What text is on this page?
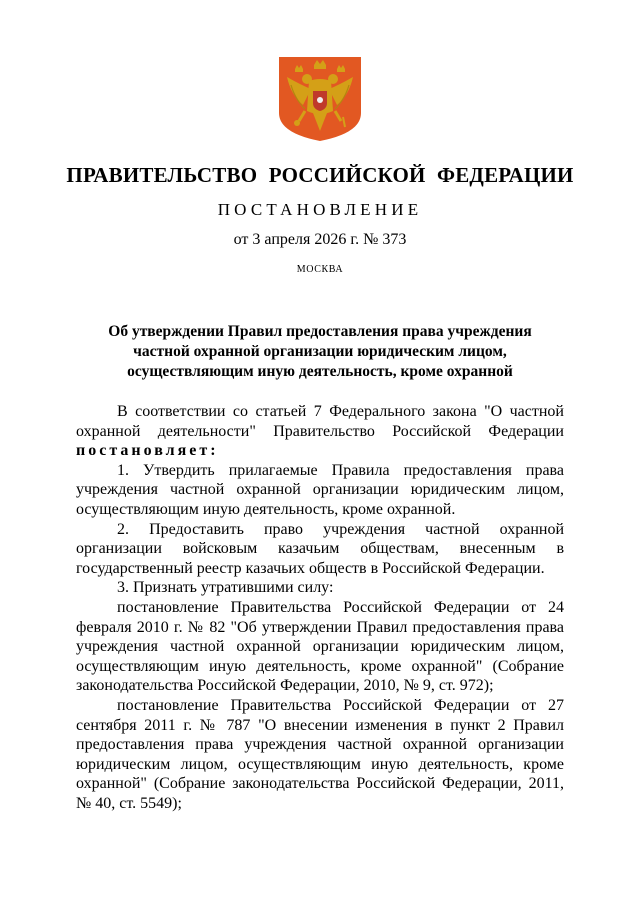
ПРАВИТЕЛЬСТВО РОССИЙСКОЙ ФЕДЕРАЦИИ
ПОСТАНОВЛЕНИЕ
от 3 апреля 2026 г. № 373
МОСКВА
Об утверждении Правил предоставления права учреждения частной охранной организации юридическим лицом, осуществляющим иную деятельность, кроме охранной

В соответствии со статьей 7 Федерального закона "О частной охранной деятельности" Правительство Российской Федерации постановляет:

1. Утвердить прилагаемые Правила предоставления права учреждения частной охранной организации юридическим лицом, осуществляющим иную деятельность, кроме охранной.

2. Предоставить право учреждения частной охранной организации войсковым казачьим обществам, внесенным в государственный реестр казачьих обществ в Российской Федерации.

3. Признать утратившими силу:

постановление Правительства Российской Федерации от 24 февраля 2010 г. № 82 "Об утверждении Правил предоставления права учреждения частной охранной организации юридическим лицом, осуществляющим иную деятельность, кроме охранной" (Собрание законодательства Российской Федерации, 2010, № 9, ст. 972);

постановление Правительства Российской Федерации от 27 сентября 2011 г. № 787 "О внесении изменения в пункт 2 Правил предоставления права учреждения частной охранной организации юридическим лицом, осуществляющим иную деятельность, кроме охранной" (Собрание законодательства Российской Федерации, 2011, № 40, ст. 5549);
